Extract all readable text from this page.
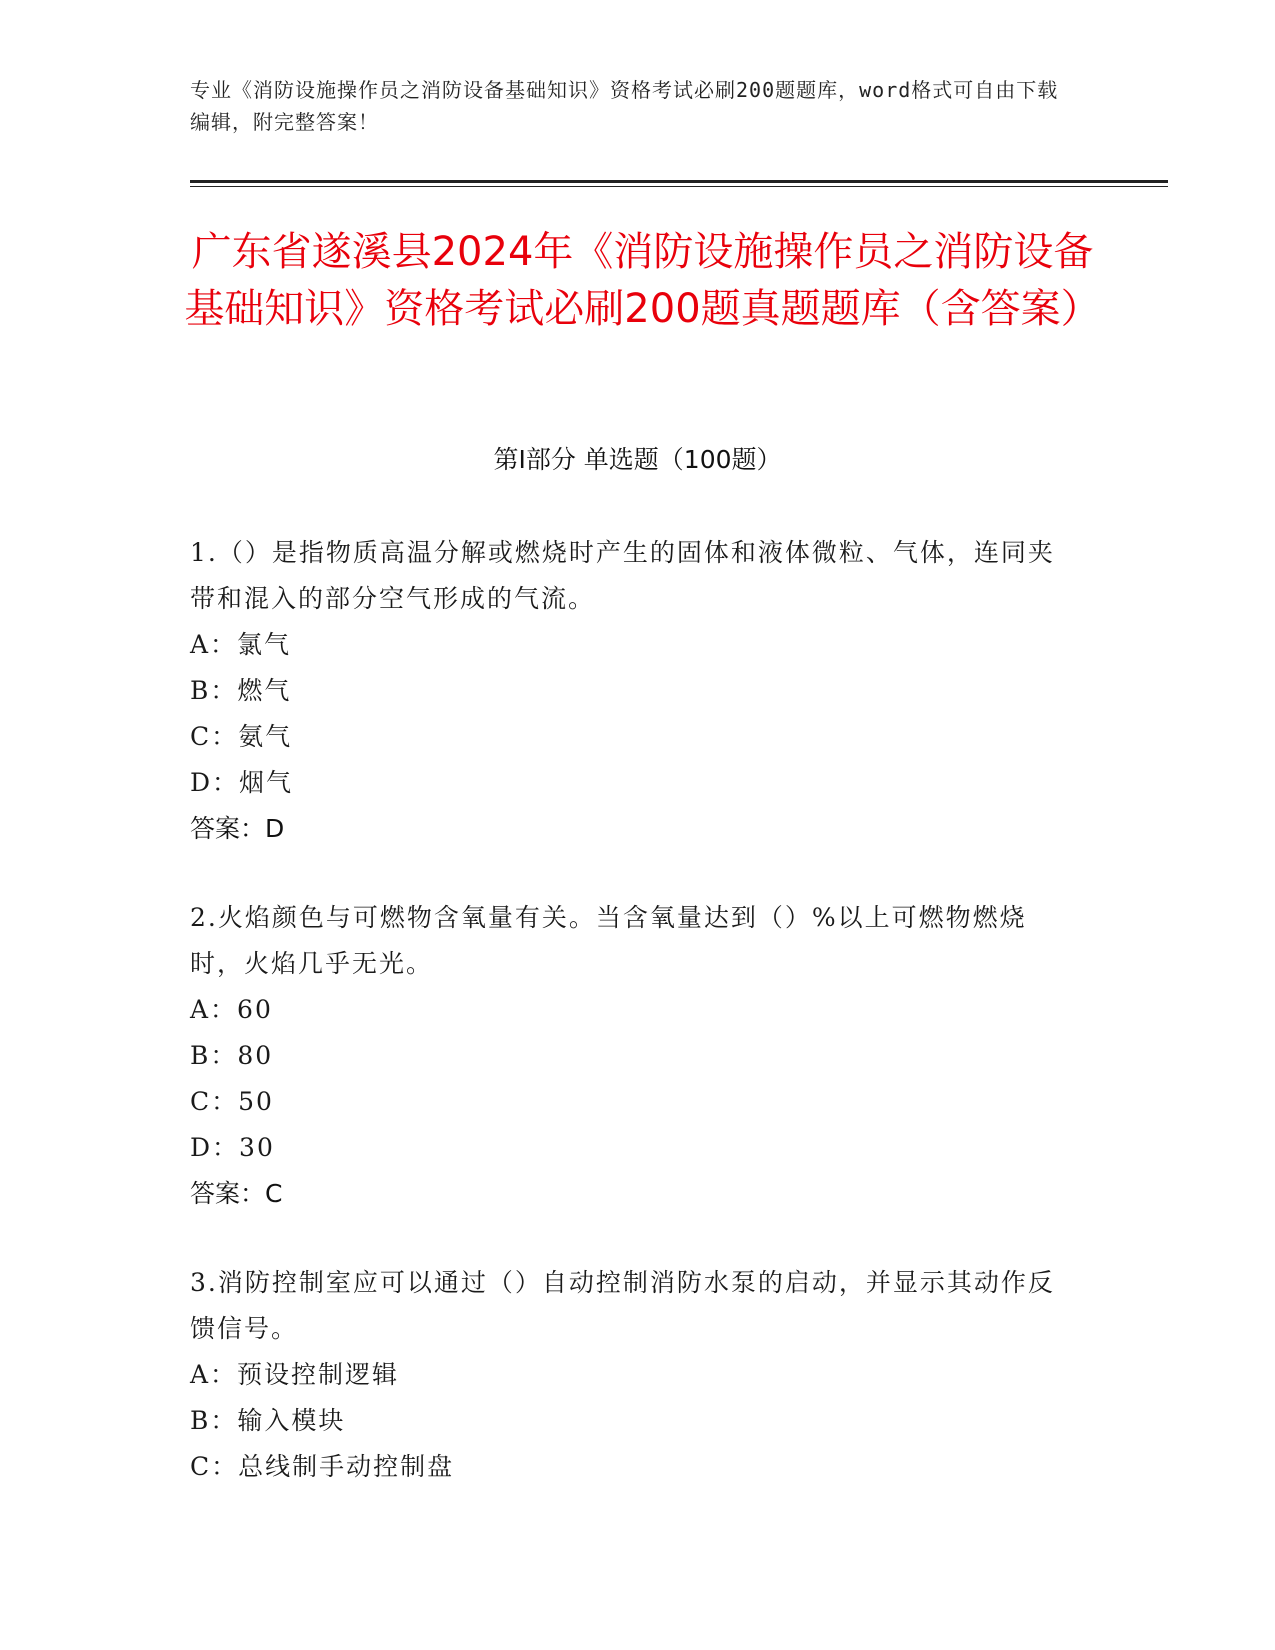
专业《消防设施操作员之消防设备基础知识》资格考试必刷200题题库，word格式可自由下载编辑，附完整答案！
广东省遂溪县2024年《消防设施操作员之消防设备基础知识》资格考试必刷200题真题题库（含答案）
第I部分 单选题（100题）

1.（）是指物质高温分解或燃烧时产生的固体和液体微粒、气体，连同夹带和混入的部分空气形成的气流。

A：氯气
B：燃气
C：氨气
D：烟气
答案：D

2.火焰颜色与可燃物含氧量有关。当含氧量达到（）%以上可燃物燃烧时，火焰几乎无光。

A：60
B：80
C：50
D：30
答案：C

3.消防控制室应可以通过（）自动控制消防水泵的启动，并显示其动作反馈信号。

A：预设控制逻辑
B：输入模块
C：总线制手动控制盘
